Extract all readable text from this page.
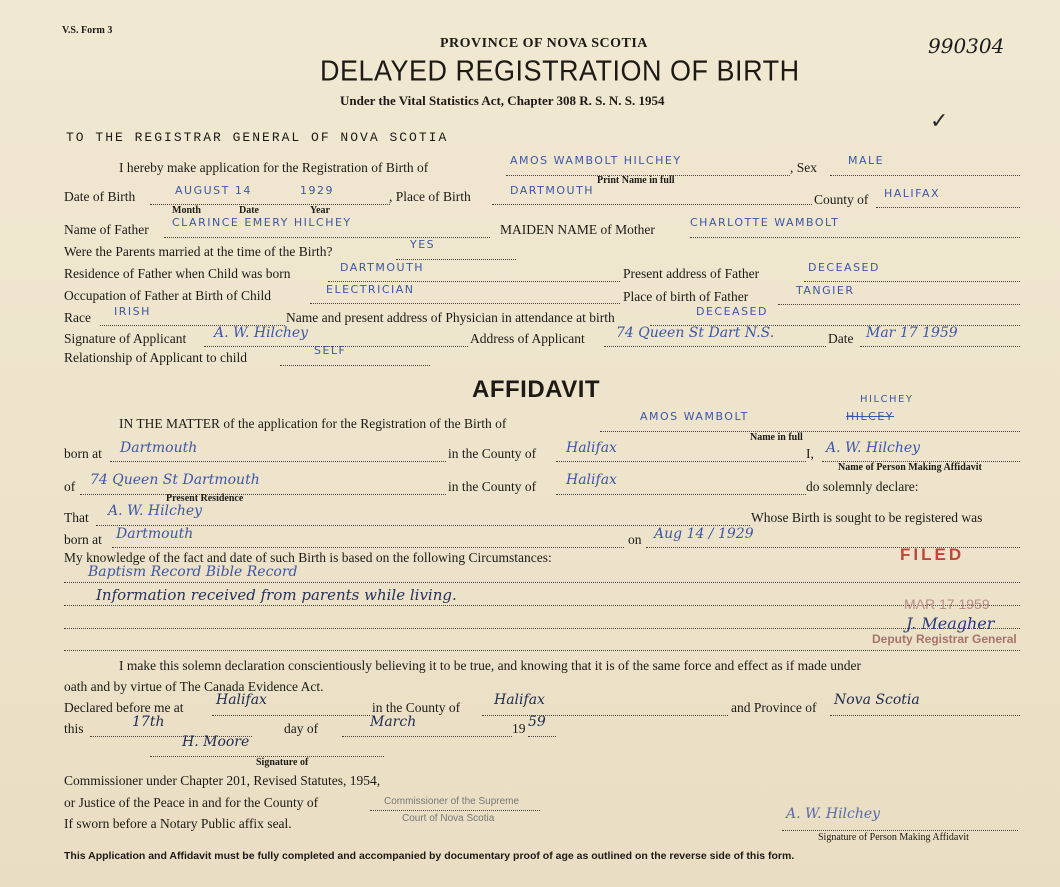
V.S. Form 3
990304
PROVINCE OF NOVA SCOTIA
DELAYED REGISTRATION OF BIRTH
Under the Vital Statistics Act, Chapter 308 R. S. N. S. 1954
✓
TO THE REGISTRAR GENERAL OF NOVA SCOTIA
I hereby make application for the Registration of Birth of	AMOS WAMBOLT HILCHEY	, Sex	MALE
Print Name in full
Date of Birth	AUGUST 14	1929
Month	Date	Year
, Place of Birth	DARTMOUTH
County of HALIFAX
Name of Father CLARINCE EMERY HILCHEY	MAIDEN NAME of Mother	CHARLOTTE WAMBOLT
Were the Parents married at the time of the Birth?	YES
Residence of Father when Child was born	DARTMOUTH	Present address of Father	DECEASED
Occupation of Father at Birth of Child	ELECTRICIAN	Place of birth of Father	TANGIER
Race IRISH	Name and present address of Physician in attendance at birth	DECEASED
Signature of Applicant A. W. Hilchey	Address of Applicant 74 Queen St Dart N.S.	Date Mar 17 1959
Relationship of Applicant to child	SELF
AFFIDAVIT
IN THE MATTER of the application for the Registration of the Birth of	AMOS WAMBOLT	HILCEY
HILCHEY
Name in full
born at Dartmouth	in the County of Halifax	I, A. W. Hilchey
Name of Person Making Affidavit
of 74 Queen St Dartmouth	in the County of Halifax	do solemnly declare:
Present Residence
That A. W. Hilchey	Whose Birth is sought to be registered was
born at Dartmouth	on Aug 14 / 1929
My knowledge of the fact and date of such Birth is based on the following Circumstances:
Baptism Record Bible Record
Information received from parents while living.
FILED
MAR 17 1959
J. Meagher
Deputy Registrar General
I make this solemn declaration conscientiously believing it to be true, and knowing that it is of the same force and effect as if made under
oath and by virtue of The Canada Evidence Act.
Declared before me at Halifax	in the County of Halifax	and Province of Nova Scotia
this	17th	day of	March	19 59
H. Moore
Signature of
Commissioner under Chapter 201, Revised Statutes, 1954,
or Justice of the Peace in and for the County of	Commissioner of the Supreme
If sworn before a Notary Public affix seal.	Court of Nova Scotia	A. W. Hilchey
Signature of Person Making Affidavit
This Application and Affidavit must be fully completed and accompanied by documentary proof of age as outlined on the reverse side of this form.
